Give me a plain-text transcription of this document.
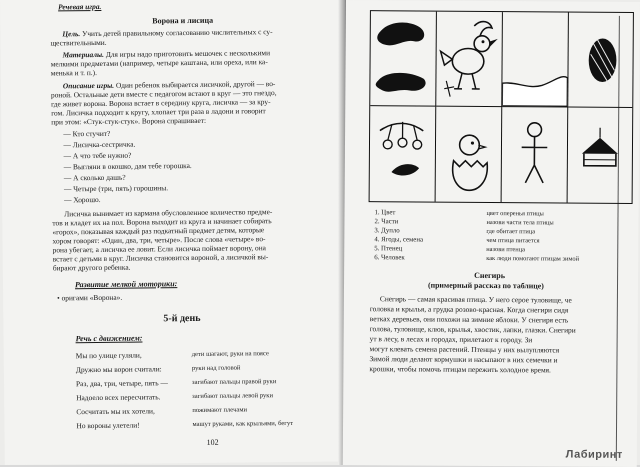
Речевая игра.
Ворона и лисица
Цель. Учить детей правильному согласованию числительных с су-
ществительными.
Материалы. Для игры надо приготовить мешочек с несколькими
мелкими предметами (например, четыре каштана, или ореха, или ка-
менька и т. п.).
Описание игры. Один ребенок выбирается лисичкой, другой — во-
роной. Остальные дети вместе с педагогом встают в круг — это гнездо,
где живет ворона. Ворона встает в середину круга, лисичка — за кру-
гом. Лисичка подходит к кругу, хлопает три раза в ладони и говорит
при этом: «Стук-стук-стук». Ворона спрашивает:
— Кто стучит?
— Лисичка-сестричка.
— А что тебе нужно?
— Выгляни в окошко, дам тебе горошка.
— А сколько дашь?
— Четыре (три, пять) горошины.
— Хорошо.
Лисичка вынимает из кармана обусловленное количество предме-
тов и кладет их на пол. Ворона выходит из круга и начинает собирать
«горох», показывая каждый раз подкатный предмет детям, которые
хором говорят: «Один, два, три, четыре». После слова «четыре» во-
рона убегает, а лисичка ее ловит. Если лисичка поймает ворону, она
встает с детьми в круг. Лисичка становится вороной, а лисичкой вы-
бирают другого ребенка.
Развитие мелкой моторики:
• оригами «Ворона».
5-й день
Речь с движением:
Мы по улице гуляли,	дети шагают, руки на поясе
Дружно мы ворон считали:	руки над головой
Раз, два, три, четыре, пять —	загибают пальцы правой руки
Надоело всех пересчитать.	загибают пальцы левой руки
Сосчитать мы их хотели,	пожимают плечами
Но вороны улетели!	машут руками, как крыльями, бегут
102
1. Цвет	цвет оперенья птицы
2. Части	назови части тела птицы
3. Дупло	где обитает птица
4. Ягоды, семена	чем птица питается
5. Птенец	назови птенца
6. Человек	как люди помогают птицам зимой
Снегирь
(примерный рассказ по таблице)
Снегирь — самая красивая птица. У него серое туловище, че
головка и крылья, а грудка розово-красная. Когда снегири сидя
ветках деревьев, они похожи на зимние яблоки. У снегиря есть
голова, туловище, клюв, крылья, хвостик, лапки, глазки. Снегири
ут в лесу, в лесах и городах, прилетают к городу. Зи
могут клевать семена растений. Птенцы у них вылупляются
Зимой люди делают кормушки и насыпают в них семечки и
крошки, чтобы помочь птицам пережить холодное время.
Лабиринт
